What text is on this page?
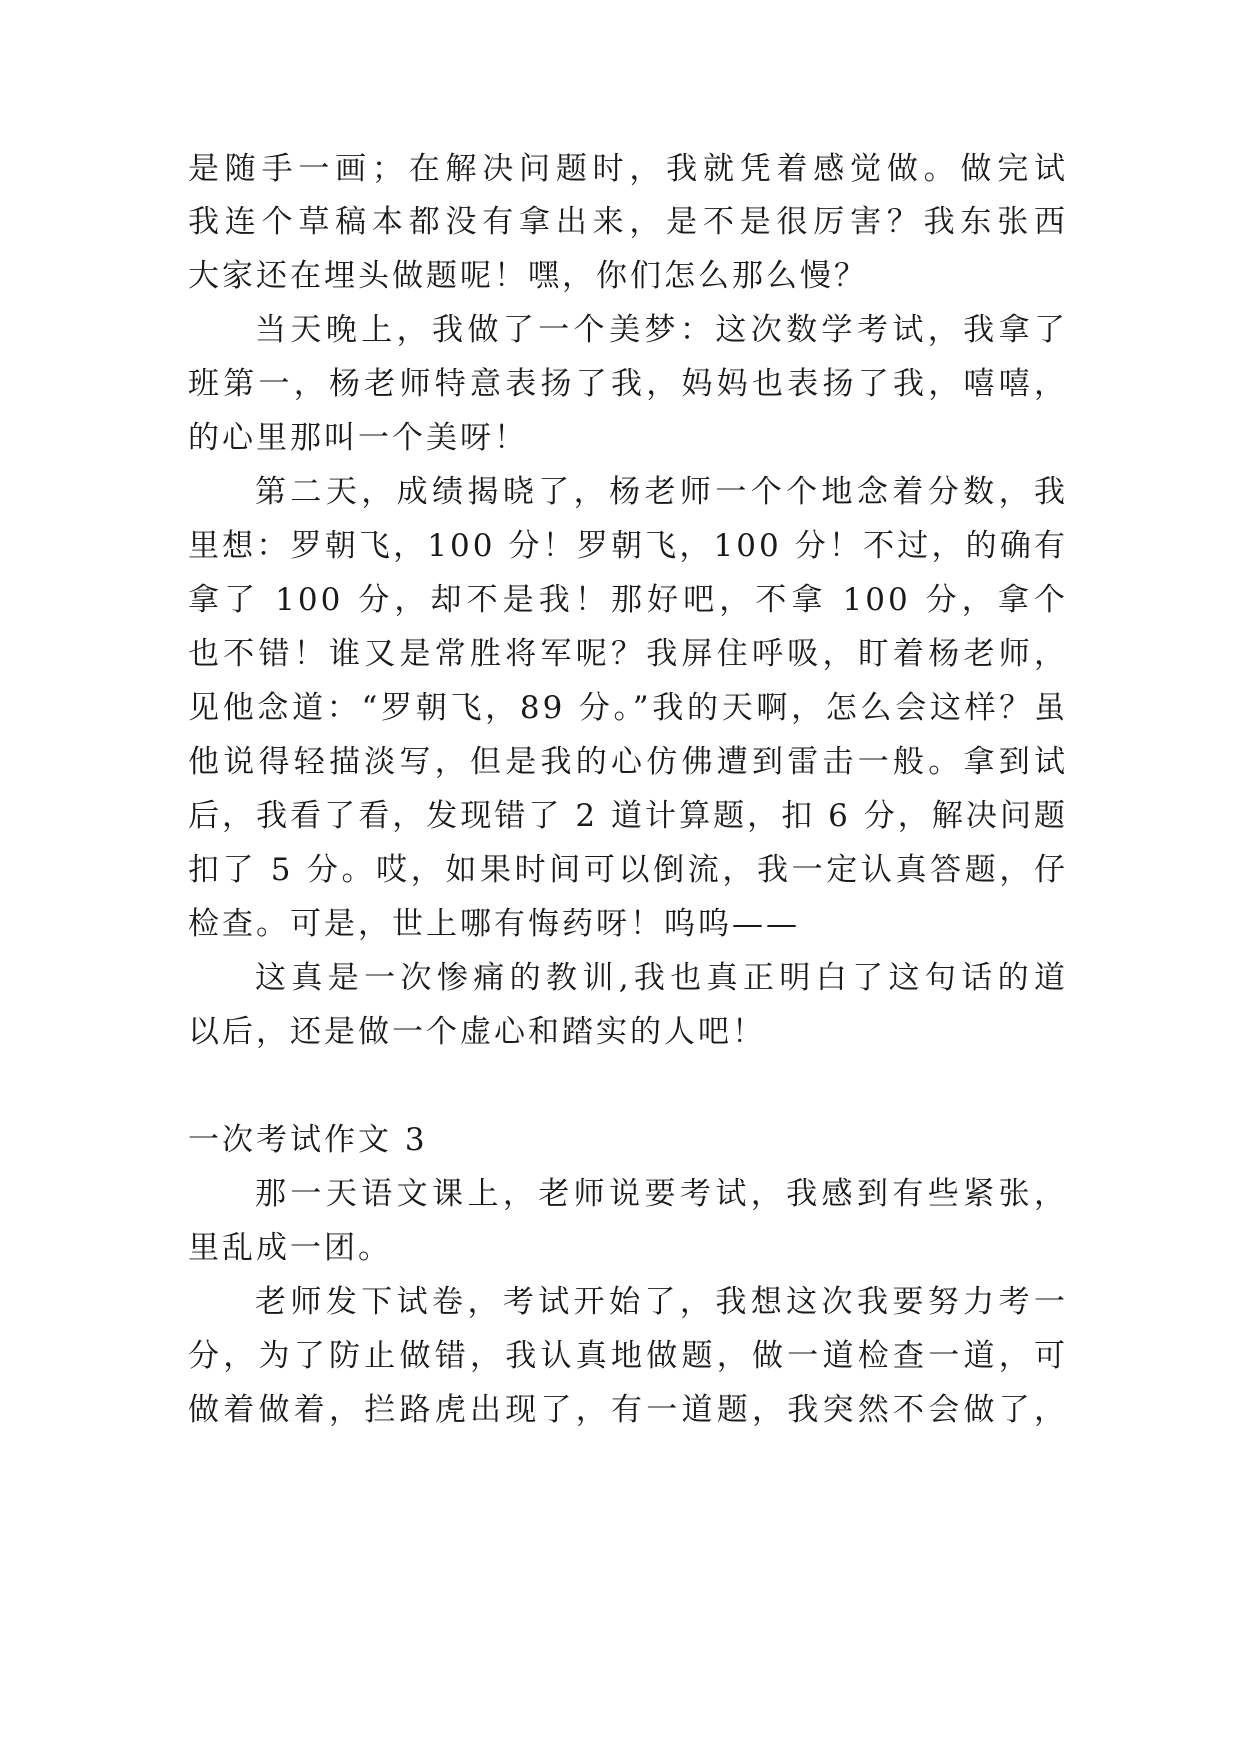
是随手一画；在解决问题时，我就凭着感觉做。做完试
我连个草稿本都没有拿出来，是不是很厉害？我东张西
大家还在埋头做题呢！嘿，你们怎么那么慢？
当天晚上，我做了一个美梦：这次数学考试，我拿了
班第一，杨老师特意表扬了我，妈妈也表扬了我，嘻嘻，
的心里那叫一个美呀！
第二天，成绩揭晓了，杨老师一个个地念着分数，我
里想：罗朝飞，100 分！罗朝飞，100 分！不过，的确有
拿了 100 分，却不是我！那好吧，不拿 100 分，拿个
也不错！谁又是常胜将军呢？我屏住呼吸，盯着杨老师，
见他念道：“罗朝飞，89 分。”我的天啊，怎么会这样？虽
他说得轻描淡写，但是我的心仿佛遭到雷击一般。拿到试
后，我看了看，发现错了 2 道计算题，扣 6 分，解决问题
扣了 5 分。哎，如果时间可以倒流，我一定认真答题，仔
检查。可是，世上哪有悔药呀！呜呜——
这真是一次惨痛的教训,我也真正明白了这句话的道
以后，还是做一个虚心和踏实的人吧！
一次考试作文 3
那一天语文课上，老师说要考试，我感到有些紧张，
里乱成一团。
老师发下试卷，考试开始了，我想这次我要努力考一
分，为了防止做错，我认真地做题，做一道检查一道，可
做着做着，拦路虎出现了，有一道题，我突然不会做了，
